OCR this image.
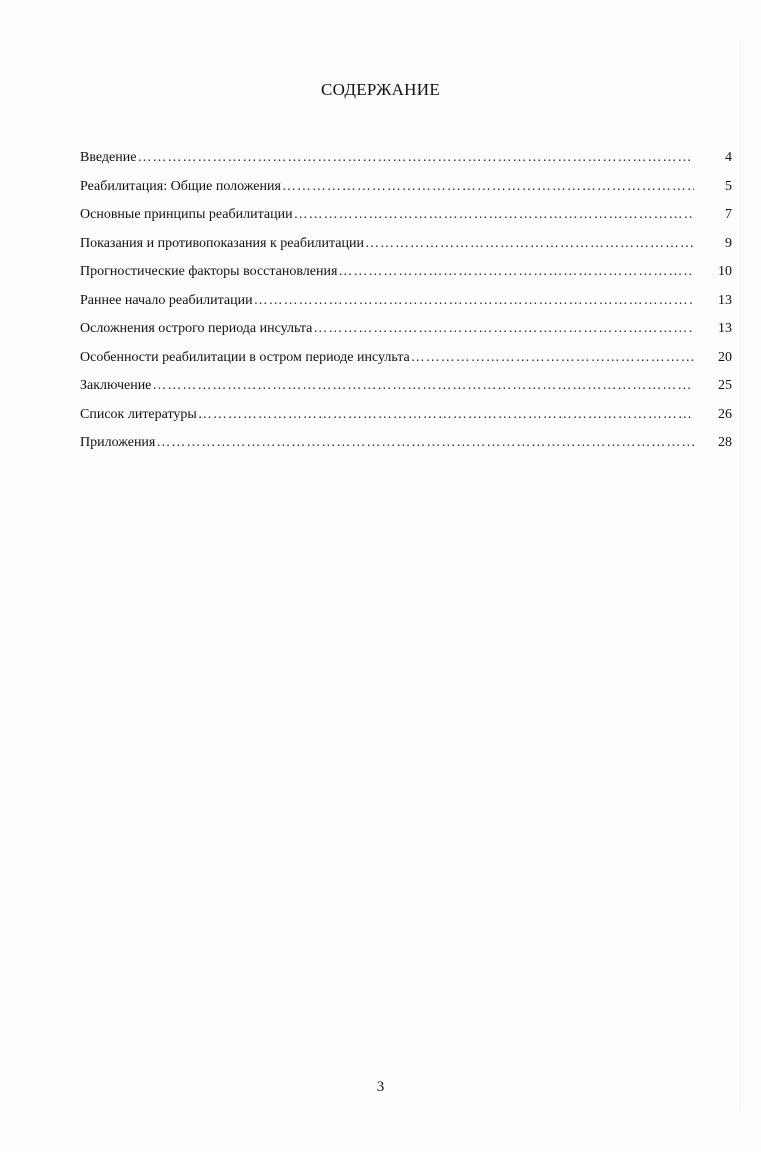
СОДЕРЖАНИЕ
Введение ……………………………………………………………………………………………………………………………………………………………………	4
Реабилитация: Общие положения ……………………………………………………………………………………………………………………………………………………………………	5
Основные принципы реабилитации ……………………………………………………………………………………………………………………………………………………………………	7
Показания и противопоказания к реабилитации ……………………………………………………………………………………………………………………………………………………………………	9
Прогностические факторы восстановления ……………………………………………………………………………………………………………………………………………………………………	10
Раннее начало реабилитации ……………………………………………………………………………………………………………………………………………………………………	13
Осложнения острого периода инсульта ……………………………………………………………………………………………………………………………………………………………………	13
Особенности реабилитации в остром периоде инсульта ……………………………………………………………………………………………………………………………………………………………………	20
Заключение ……………………………………………………………………………………………………………………………………………………………………	25
Список литературы ……………………………………………………………………………………………………………………………………………………………………	26
Приложения ……………………………………………………………………………………………………………………………………………………………………	28
3
